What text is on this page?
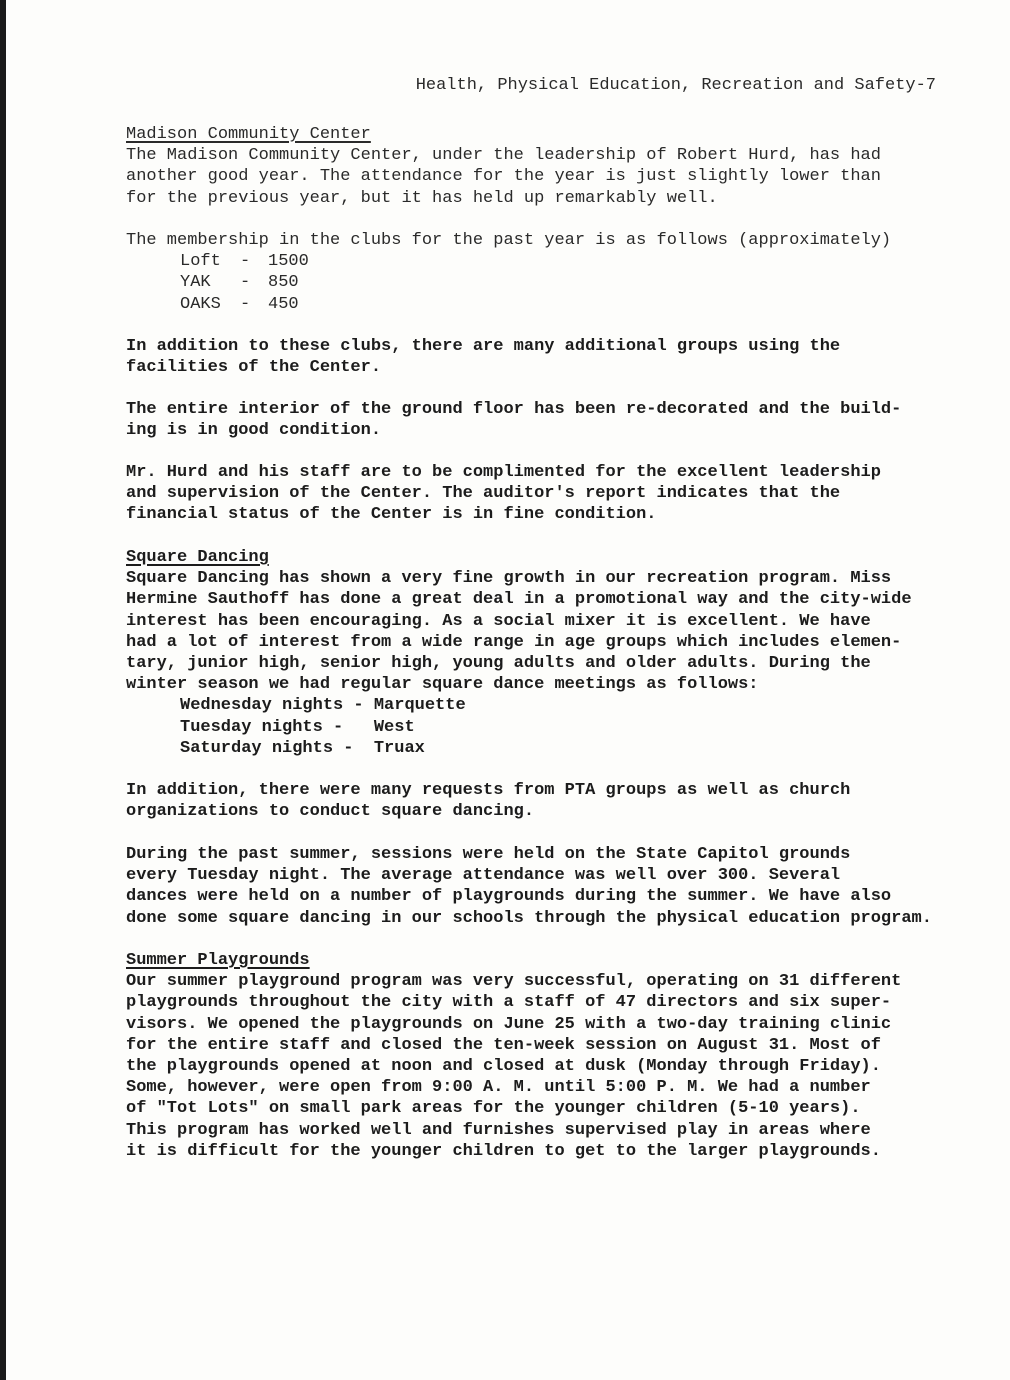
Health, Physical Education, Recreation and Safety-7
Madison Community Center
The Madison Community Center, under the leadership of Robert Hurd, has had
another good year. The attendance for the year is just slightly lower than
for the previous year, but it has held up remarkably well.
The membership in the clubs for the past year is as follows (approximately)
Loft - 1500
YAK - 850
OAKS - 450
In addition to these clubs, there are many additional groups using the
facilities of the Center.
The entire interior of the ground floor has been re-decorated and the build-
ing is in good condition.
Mr. Hurd and his staff are to be complimented for the excellent leadership
and supervision of the Center. The auditor's report indicates that the
financial status of the Center is in fine condition.
Square Dancing
Square Dancing has shown a very fine growth in our recreation program. Miss
Hermine Sauthoff has done a great deal in a promotional way and the city-wide
interest has been encouraging. As a social mixer it is excellent. We have
had a lot of interest from a wide range in age groups which includes elemen-
tary, junior high, senior high, young adults and older adults. During the
winter season we had regular square dance meetings as follows:
Wednesday nights - Marquette
Tuesday nights -   West
Saturday nights -  Truax
In addition, there were many requests from PTA groups as well as church
organizations to conduct square dancing.
During the past summer, sessions were held on the State Capitol grounds
every Tuesday night. The average attendance was well over 300. Several
dances were held on a number of playgrounds during the summer. We have also
done some square dancing in our schools through the physical education program.
Summer Playgrounds
Our summer playground program was very successful, operating on 31 different
playgrounds throughout the city with a staff of 47 directors and six super-
visors. We opened the playgrounds on June 25 with a two-day training clinic
for the entire staff and closed the ten-week session on August 31. Most of
the playgrounds opened at noon and closed at dusk (Monday through Friday).
Some, however, were open from 9:00 A. M. until 5:00 P. M. We had a number
of "Tot Lots" on small park areas for the younger children (5-10 years).
This program has worked well and furnishes supervised play in areas where
it is difficult for the younger children to get to the larger playgrounds.
